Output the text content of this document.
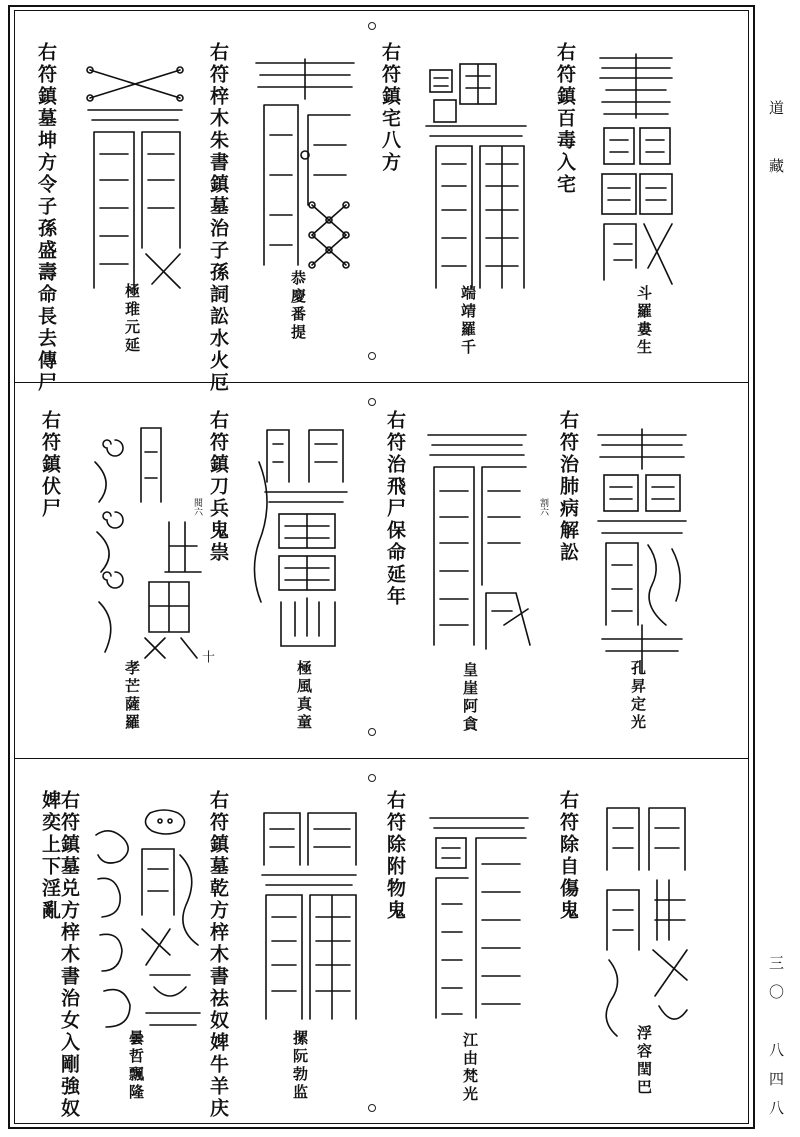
道　藏
三〇　八四八
右符鎮百毒入宅
斗羅婁生
右符鎮宅八方
端靖羅千
右符梓木朱書鎮墓治子孫詞訟水火厄	恭慶番提
右符鎮墓坤方令子孫盛壽命長去傳尸	極琟元延
右符治肺病解訟
割六
孔昇定光
右符治飛尸保命延年
皇崖阿貪
右符鎮刀兵鬼祟
閱六
極風真童
右符鎮伏尸
十
孝芒薩羅
右符除自傷鬼
浮容閏巴
右符除附物鬼
江由梵光
右符鎮墓乾方梓木書祛奴婢牛羊庆	摞阮勃监
右符鎮墓兑方梓木書治女入剛強奴婢奕上下淫亂
曇哲飄隆
